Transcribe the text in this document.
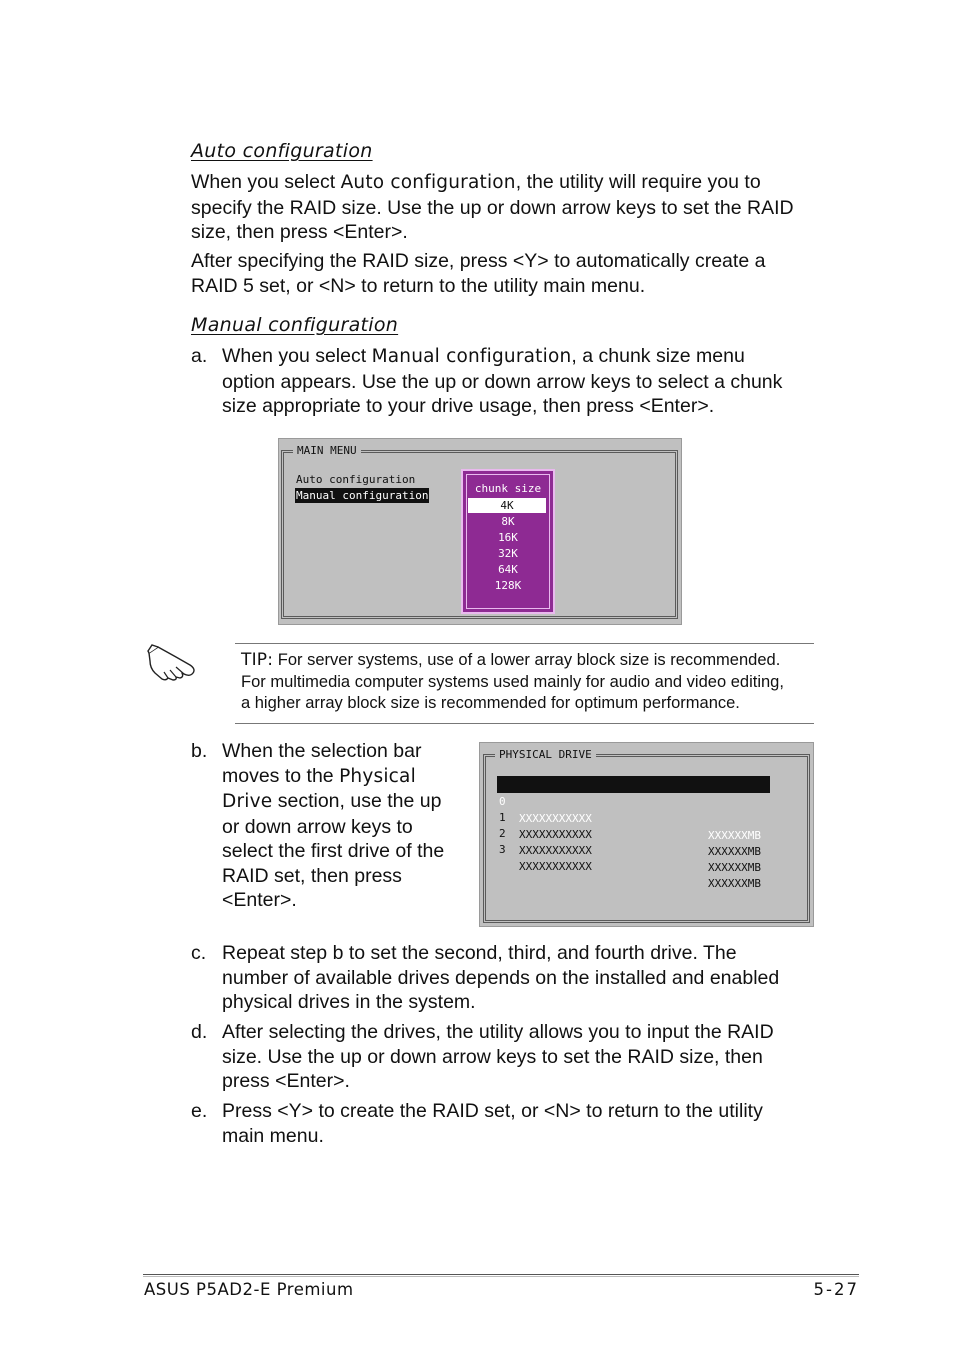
Auto configuration
When you select Auto configuration, the utility will require you to
specify the RAID size. Use the up or down arrow keys to set the RAID
size, then press <Enter>.
After specifying the RAID size, press <Y> to automatically create a
RAID 5 set, or <N> to return to the utility main menu.
Manual configuration
a. When you select Manual configuration, a chunk size menu
option appears. Use the up or down arrow keys to select a chunk
size appropriate to your drive usage, then press <Enter>.
MAIN MENU
Auto configuration
Manual configuration
chunk size
4K
8K
16K
32K
64K
128K
TIP: For server systems, use of a lower array block size is recommended.
For multimedia computer systems used mainly for audio and video editing,
a higher array block size is recommended for optimum performance.
b. When the selection bar
moves to the Physical
Drive section, use the up
or down arrow keys to
select the first drive of the
RAID set, then press
<Enter>.
PHYSICAL DRIVE

0

XXXXXXXXXXX

XXXXXXMB

1

XXXXXXXXXXX

XXXXXXMB

2

XXXXXXXXXXX

XXXXXXMB

3

XXXXXXXXXXX

XXXXXXMB

c. Repeat step b to set the second, third, and fourth drive. The
number of available drives depends on the installed and enabled
physical drives in the system.
d. After selecting the drives, the utility allows you to input the RAID
size. Use the up or down arrow keys to set the RAID size, then
press <Enter>.
e. Press <Y> to create the RAID set, or <N> to return to the utility
main menu.
ASUS P5AD2-E Premium	5-27
